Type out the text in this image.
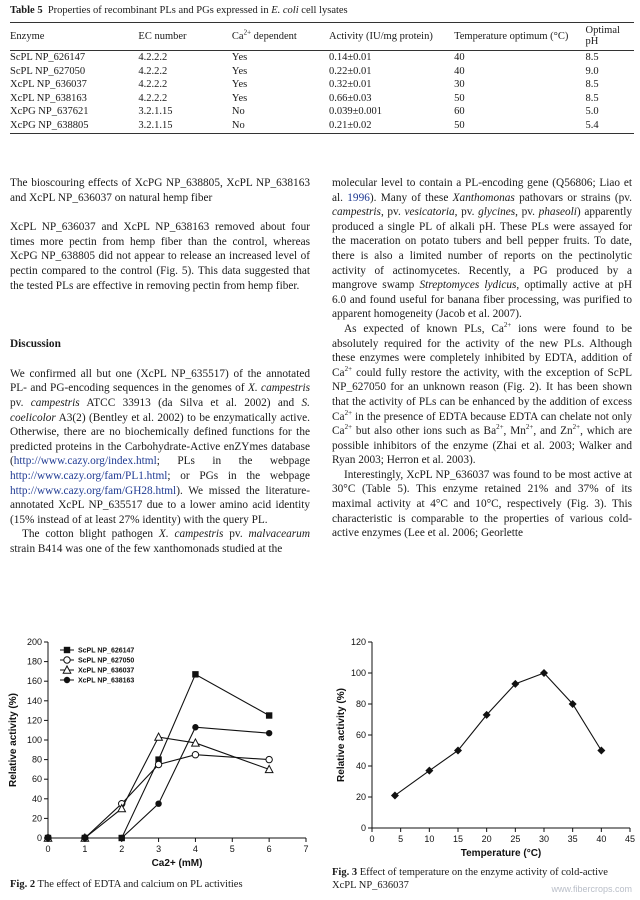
Table 5 Properties of recombinant PLs and PGs expressed in E. coli cell lysates
Enzyme	EC number	$Ca^{2+}$ dependent	Activity (IU/mg protein)	Temperature optimum (°C)	Optimal pH
ScPL NP_626147	4.2.2.2	Yes	0.14±0.01	40	8.5
ScPL NP_627050	4.2.2.2	Yes	0.22±0.01	40	9.0
XcPL NP_636037	4.2.2.2	Yes	0.32±0.01	30	8.5
XcPL NP_638163	4.2.2.2	Yes	0.66±0.03	50	8.5
XcPG NP_637621	3.2.1.15	No	0.039±0.001	60	5.0
XcPG NP_638805	3.2.1.15	No	0.21±0.02	50	5.4

The bioscouring effects of XcPG NP_638805, XcPL NP_638163 and XcPL NP_636037 on natural hemp fiber

XcPL NP_636037 and XcPL NP_638163 removed about four times more pectin from hemp fiber than the control, whereas XcPG NP_638805 did not appear to release an increased level of pectin compared to the control (Fig. 5). This data suggested that the tested PLs are effective in removing pectin from hemp fiber.

Discussion

We confirmed all but one (XcPL NP_635517) of the annotated PL- and PG-encoding sequences in the genomes of X. campestris pv. campestris ATCC 33913 (da Silva et al. 2002) and S. coelicolor A3(2) (Bentley et al. 2002) to be enzymatically active. Otherwise, there are no biochemically defined functions for the predicted proteins in the Carbohydrate-Active enZYmes database (http://www.cazy.org/index.html; PLs in the webpage http://www.cazy.org/fam/PL1.html; or PGs in the webpage http://www.cazy.org/fam/GH28.html). We missed the literature-annotated XcPL NP_635517 due to a lower amino acid identity (15% instead of at least 27% identity) with the query PL.

The cotton blight pathogen X. campestris pv. malvacearum strain B414 was one of the few xanthomonads studied at the

molecular level to contain a PL-encoding gene (Q56806; Liao et al. 1996). Many of these Xanthomonas pathovars or strains (pv. campestris, pv. vesicatoria, pv. glycines, pv. phaseoli) apparently produced a single PL of alkali pH. These PLs were assayed for the maceration on potato tubers and bell pepper fruits. To date, there is also a limited number of reports on the pectinolytic activity of actinomycetes. Recently, a PG produced by a mangrove swamp Streptomyces lydicus, optimally active at pH 6.0 and found useful for banana fiber processing, was purified to apparent homogeneity (Jacob et al. 2007).

As expected of known PLs, $Ca^{2+}$ ions were found to be absolutely required for the activity of the new PLs. Although these enzymes were completely inhibited by EDTA, addition of $Ca^{2+}$ could fully restore the activity, with the exception of ScPL NP_627050 for an unknown reason (Fig. 2). It has been shown that the activity of PLs can be enhanced by the addition of excess $Ca^{2+}$ in the presence of EDTA because EDTA can chelate not only $Ca^{2+}$ but also other ions such as $Ba^{2+}$, $Mn^{2+}$, and $Zn^{2+}$, which are possible inhibitors of the enzyme (Zhai et al. 2003; Walker and Ryan 2003; Herron et al. 2003).

Interestingly, XcPL NP_636037 was found to be most active at 30°C (Table 5). This enzyme retained 21% and 37% of its maximal activity at 4°C and 10°C, respectively (Fig. 3). This characteristic is comparable to the properties of various cold-active enzymes (Lee et al. 2006; Georlette

0
20
40
60
80
100
120
140
160
180
200
0	1	2	3	4	5	6	7
Ca2+ (mM)
Relative activity (%)
ScPL NP_626147
ScPL NP_627050
XcPL NP_636037
XcPL NP_638163
Fig. 2 The effect of EDTA and calcium on PL activities
0
20
40
60
80
100
120
0	5 10 15 20 25 30 35 40 45
Temperature (°C)
Relative activity (%)
Fig. 3 Effect of temperature on the enzyme activity of cold-active XcPL NP_636037	www.fibercrops.com
